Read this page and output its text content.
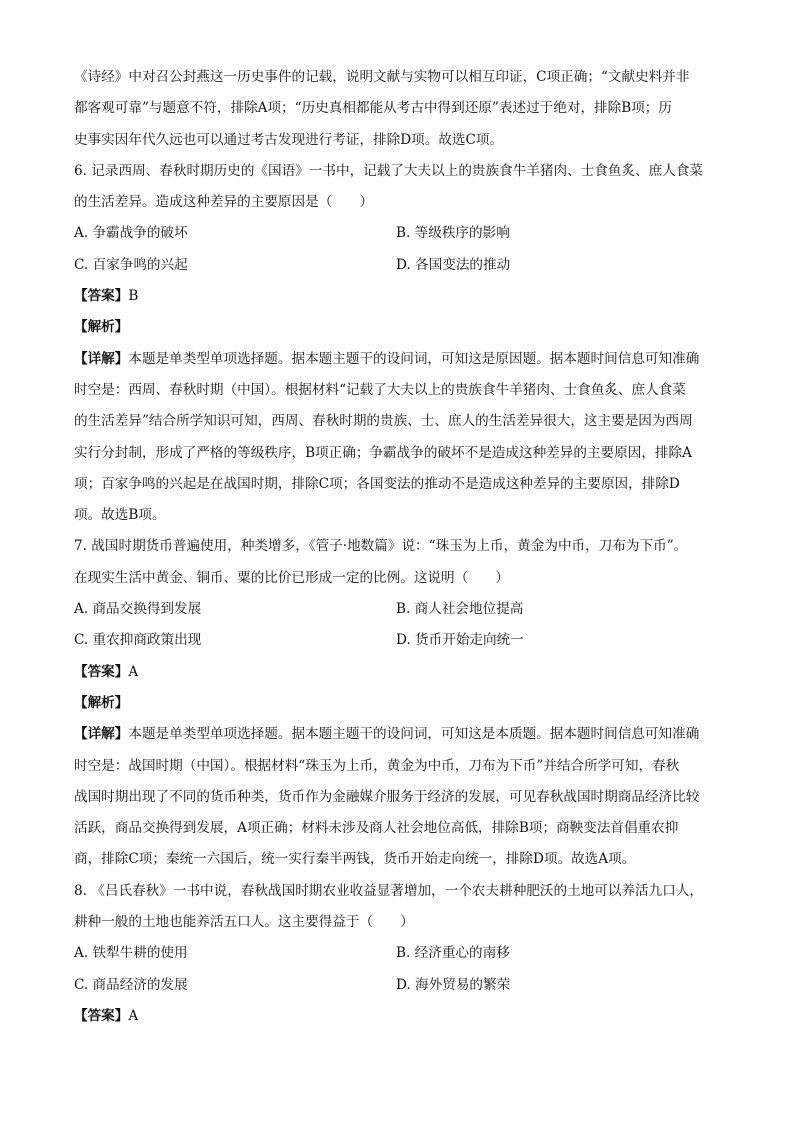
《诗经》中对召公封燕这一历史事件的记载，说明文献与实物可以相互印证，C项正确；“文献史料并非
都客观可靠”与题意不符，排除A项；“历史真相都能从考古中得到还原”表述过于绝对，排除B项；历
史事实因年代久远也可以通过考古发现进行考证，排除D项。故选C项。
6. 记录西周、春秋时期历史的《国语》一书中，记载了大夫以上的贵族食牛羊猪肉、士食鱼炙、庶人食菜
的生活差异。造成这种差异的主要原因是（　　）
A. 争霸战争的破坏	B. 等级秩序的影响
C. 百家争鸣的兴起	D. 各国变法的推动
【答案】B
【解析】
【详解】本题是单类型单项选择题。据本题主题干的设问词，可知这是原因题。据本题时间信息可知准确
时空是：西周、春秋时期（中国）。根据材料“记载了大夫以上的贵族食牛羊猪肉、士食鱼炙、庶人食菜
的生活差异”结合所学知识可知，西周、春秋时期的贵族、士、庶人的生活差异很大，这主要是因为西周
实行分封制，形成了严格的等级秩序，B项正确；争霸战争的破坏不是造成这种差异的主要原因，排除A
项；百家争鸣的兴起是在战国时期，排除C项；各国变法的推动不是造成这种差异的主要原因，排除D
项。故选B项。
7. 战国时期货币普遍使用，种类增多，《管子·地数篇》说：“珠玉为上币，黄金为中币，刀布为下币”。
在现实生活中黄金、铜币、粟的比价已形成一定的比例。这说明（　　）
A. 商品交换得到发展	B. 商人社会地位提高
C. 重农抑商政策出现	D. 货币开始走向统一
【答案】A
【解析】
【详解】本题是单类型单项选择题。据本题主题干的设问词，可知这是本质题。据本题时间信息可知准确
时空是：战国时期（中国）。根据材料“珠玉为上币，黄金为中币，刀布为下币”并结合所学可知，春秋
战国时期出现了不同的货币种类，货币作为金融媒介服务于经济的发展，可见春秋战国时期商品经济比较
活跃，商品交换得到发展，A项正确；材料未涉及商人社会地位高低，排除B项；商鞅变法首倡重农抑
商，排除C项；秦统一六国后，统一实行秦半两钱，货币开始走向统一，排除D项。故选A项。
8. 《吕氏春秋》一书中说，春秋战国时期农业收益显著增加，一个农夫耕种肥沃的土地可以养活九口人，
耕种一般的土地也能养活五口人。这主要得益于（　　）
A. 铁犁牛耕的使用	B. 经济重心的南移
C. 商品经济的发展	D. 海外贸易的繁荣
【答案】A
